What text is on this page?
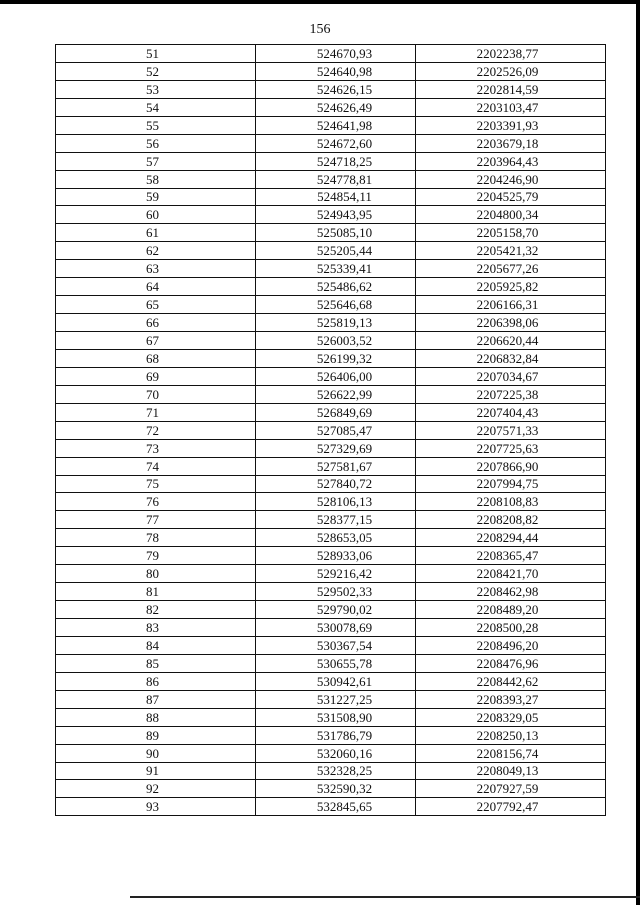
156
51	524670,93	2202238,77
52	524640,98	2202526,09
53	524626,15	2202814,59
54	524626,49	2203103,47
55	524641,98	2203391,93
56	524672,60	2203679,18
57	524718,25	2203964,43
58	524778,81	2204246,90
59	524854,11	2204525,79
60	524943,95	2204800,34
61	525085,10	2205158,70
62	525205,44	2205421,32
63	525339,41	2205677,26
64	525486,62	2205925,82
65	525646,68	2206166,31
66	525819,13	2206398,06
67	526003,52	2206620,44
68	526199,32	2206832,84
69	526406,00	2207034,67
70	526622,99	2207225,38
71	526849,69	2207404,43
72	527085,47	2207571,33
73	527329,69	2207725,63
74	527581,67	2207866,90
75	527840,72	2207994,75
76	528106,13	2208108,83
77	528377,15	2208208,82
78	528653,05	2208294,44
79	528933,06	2208365,47
80	529216,42	2208421,70
81	529502,33	2208462,98
82	529790,02	2208489,20
83	530078,69	2208500,28
84	530367,54	2208496,20
85	530655,78	2208476,96
86	530942,61	2208442,62
87	531227,25	2208393,27
88	531508,90	2208329,05
89	531786,79	2208250,13
90	532060,16	2208156,74
91	532328,25	2208049,13
92	532590,32	2207927,59
93	532845,65	2207792,47
